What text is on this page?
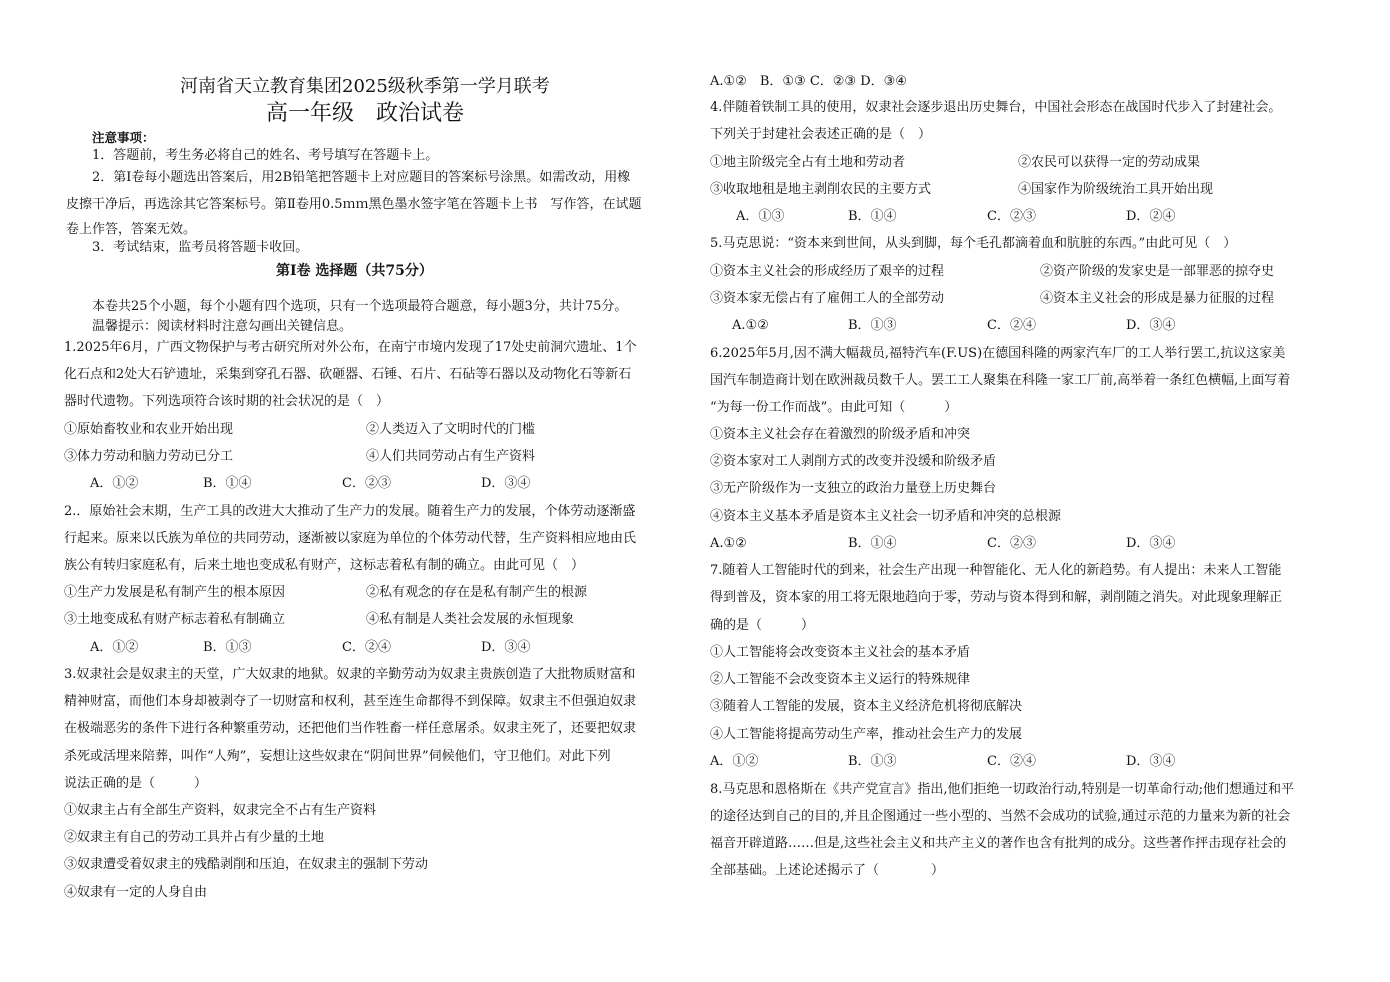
河南省天立教育集团2025级秋季第一学月联考
高一年级　政治试卷
注意事项：
1．答题前，考生务必将自己的姓名、考号填写在答题卡上。
2．第Ⅰ卷每小题选出答案后，用2B铅笔把答题卡上对应题目的答案标号涂黑。如需改动，用橡
皮擦干净后，再选涂其它答案标号。第Ⅱ卷用0.5ｍｍ黑色墨水签字笔在答题卡上书　写作答，在试题
卷上作答，答案无效。
3．考试结束，监考员将答题卡收回。
第Ⅰ卷 选择题（共75分）
本卷共25个小题，每个小题有四个选项，只有一个选项最符合题意，每小题3分，共计75分。
温馨提示：阅读材料时注意勾画出关键信息。
1.2025年6月，广西文物保护与考古研究所对外公布，在南宁市境内发现了17处史前洞穴遗址、1个
化石点和2处大石铲遗址，采集到穿孔石器、砍砸器、石锤、石片、石砧等石器以及动物化石等新石
器时代遗物。下列选项符合该时期的社会状况的是（　）
①原始畜牧业和农业开始出现	②人类迈入了文明时代的门槛
③体力劳动和脑力劳动已分工	④人们共同劳动占有生产资料
A．①②	B．①④	C．②③	D．③④
2.．原始社会末期，生产工具的改进大大推动了生产力的发展。随着生产力的发展，个体劳动逐渐盛
行起来。原来以氏族为单位的共同劳动，逐渐被以家庭为单位的个体劳动代替，生产资料相应地由氏
族公有转归家庭私有，后来土地也变成私有财产，这标志着私有制的确立。由此可见（　）
①生产力发展是私有制产生的根本原因	②私有观念的存在是私有制产生的根源
③土地变成私有财产标志着私有制确立	④私有制是人类社会发展的永恒现象
A．①②	B．①③	C．②④	D．③④
3.奴隶社会是奴隶主的天堂，广大奴隶的地狱。奴隶的辛勤劳动为奴隶主贵族创造了大批物质财富和
精神财富，而他们本身却被剥夺了一切财富和权利，甚至连生命都得不到保障。奴隶主不但强迫奴隶
在极端恶劣的条件下进行各种繁重劳动，还把他们当作牲畜一样任意屠杀。奴隶主死了，还要把奴隶
杀死或活埋来陪葬，叫作“人殉”，妄想让这些奴隶在“阴间世界”伺候他们，守卫他们。对此下列
说法正确的是（　　　）
①奴隶主占有全部生产资料，奴隶完全不占有生产资料
②奴隶主有自己的劳动工具并占有少量的土地
③奴隶遭受着奴隶主的残酷剥削和压迫，在奴隶主的强制下劳动
④奴隶有一定的人身自由
A.①②　B．①③ C．②③ D．③④
4.伴随着铁制工具的使用，奴隶社会逐步退出历史舞台，中国社会形态在战国时代步入了封建社会。
下列关于封建社会表述正确的是（　）
①地主阶级完全占有土地和劳动者	②农民可以获得一定的劳动成果
③收取地租是地主剥削农民的主要方式	④国家作为阶级统治工具开始出现
A．①③	B．①④	C．②③	D．②④
5.马克思说：“资本来到世间，从头到脚，每个毛孔都滴着血和肮脏的东西。”由此可见（　）
①资本主义社会的形成经历了艰辛的过程	②资产阶级的发家史是一部罪恶的掠夺史
③资本家无偿占有了雇佣工人的全部劳动	④资本主义社会的形成是暴力征服的过程
A.①②	B．①③	C．②④	D．③④
6.2025年5月,因不满大幅裁员,福特汽车(F.US)在德国科隆的两家汽车厂的工人举行罢工,抗议这家美
国汽车制造商计划在欧洲裁员数千人。罢工工人聚集在科隆一家工厂前,高举着一条红色横幅,上面写着
“为每一份工作而战”。由此可知（　　　）
①资本主义社会存在着激烈的阶级矛盾和冲突
②资本家对工人剥削方式的改变并没缓和阶级矛盾
③无产阶级作为一支独立的政治力量登上历史舞台
④资本主义基本矛盾是资本主义社会一切矛盾和冲突的总根源
A.①②	B．①④	C．②③	D．③④
7.随着人工智能时代的到来，社会生产出现一种智能化、无人化的新趋势。有人提出：未来人工智能
得到普及，资本家的用工将无限地趋向于零，劳动与资本得到和解，剥削随之消失。对此现象理解正
确的是（　　　）
①人工智能将会改变资本主义社会的基本矛盾
②人工智能不会改变资本主义运行的特殊规律
③随着人工智能的发展，资本主义经济危机将彻底解决
④人工智能将提高劳动生产率，推动社会生产力的发展
A．①②	B．①③	C．②④	D．③④
8.马克思和恩格斯在《共产党宣言》指出,他们拒绝一切政治行动,特别是一切革命行动;他们想通过和平
的途径达到自己的目的,并且企图通过一些小型的、当然不会成功的试验,通过示范的力量来为新的社会
福音开辟道路……但是,这些社会主义和共产主义的著作也含有批判的成分。这些著作抨击现存社会的
全部基础。上述论述揭示了（　　　　）
